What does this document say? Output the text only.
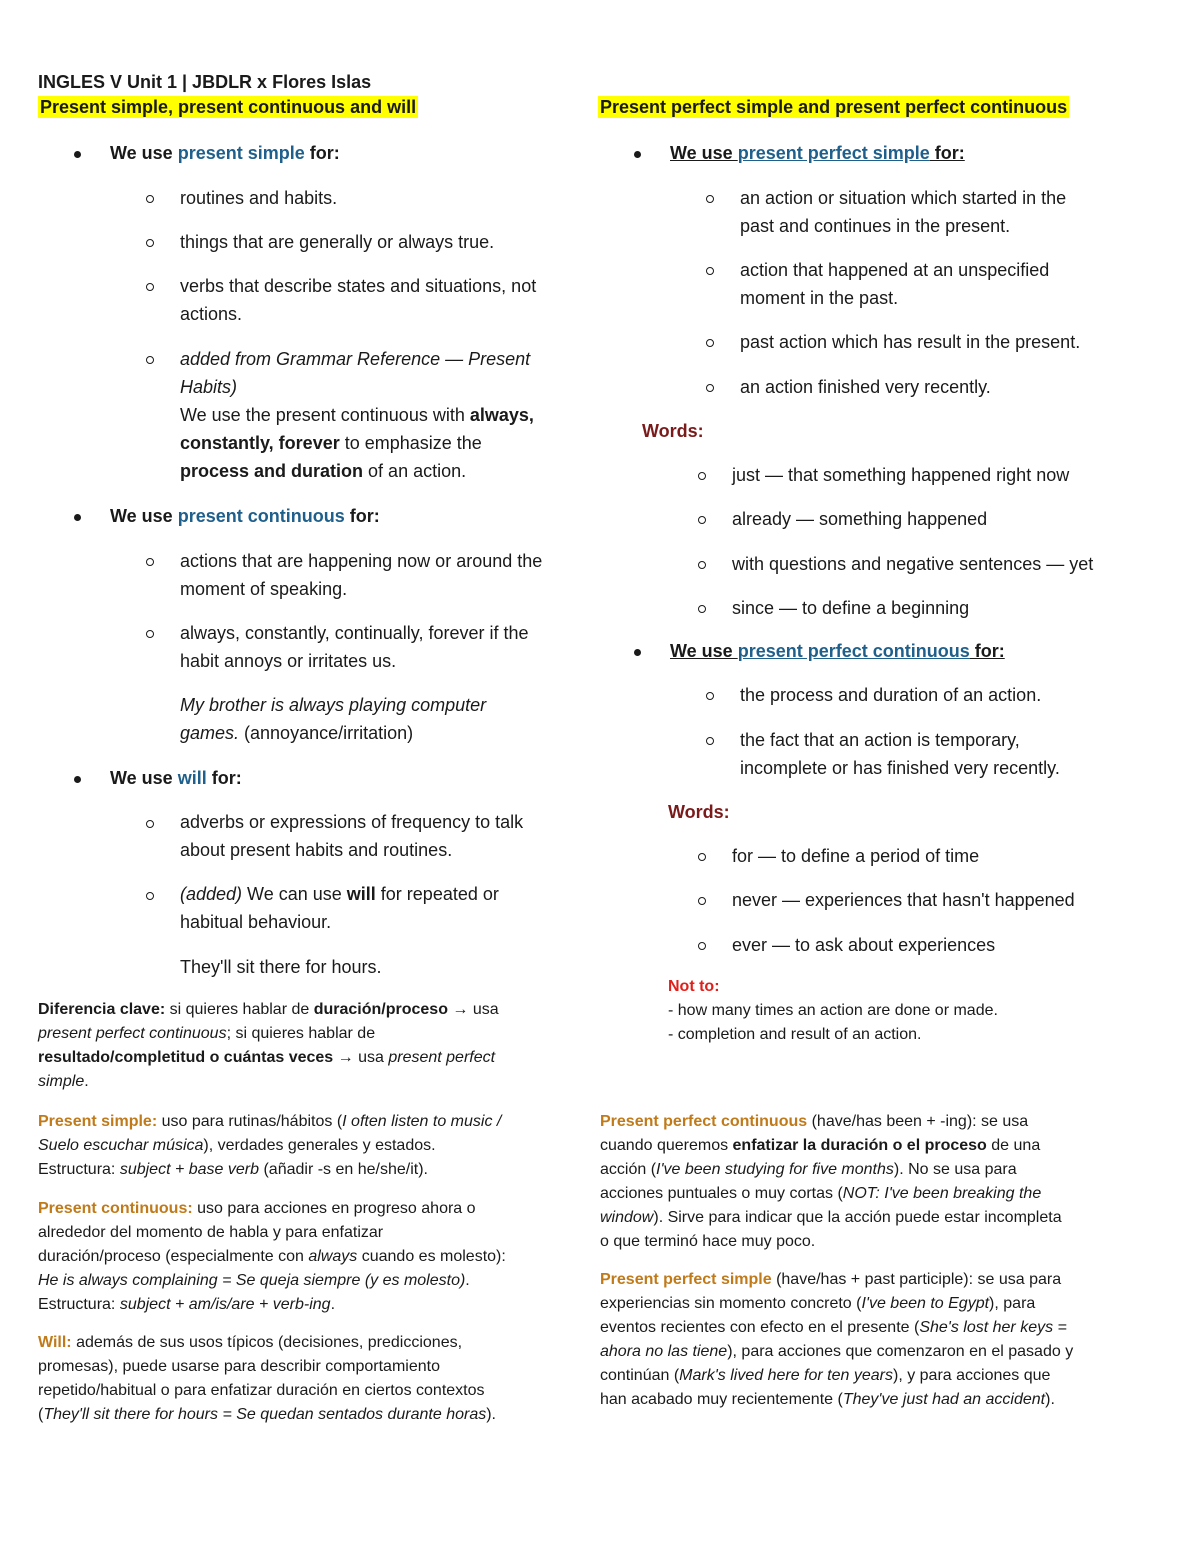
INGLES V Unit 1 | JBDLR x Flores Islas
Present simple, present continuous and will
We use present simple for:
routines and habits.
things that are generally or always true.
verbs that describe states and situations, not
actions.
added from Grammar Reference — Present
Habits)
We use the present continuous with always,
constantly, forever to emphasize the
process and duration of an action.
We use present continuous for:
actions that are happening now or around the
moment of speaking.
always, constantly, continually, forever if the
habit annoys or irritates us.
My brother is always playing computer
games. (annoyance/irritation)
We use will for:
adverbs or expressions of frequency to talk
about present habits and routines.
(added) We can use will for repeated or
habitual behaviour.
They'll sit there for hours.
Diferencia clave: si quieres hablar de duración/proceso → usa
present perfect continuous; si quieres hablar de
resultado/completitud o cuántas veces → usa present perfect
simple.
Present simple: uso para rutinas/hábitos (I often listen to music /
Suelo escuchar música), verdades generales y estados.
Estructura: subject + base verb (añadir -s en he/she/it).
Present continuous: uso para acciones en progreso ahora o
alrededor del momento de habla y para enfatizar
duración/proceso (especialmente con always cuando es molesto):
He is always complaining = Se queja siempre (y es molesto).
Estructura: subject + am/is/are + verb-ing.
Will: además de sus usos típicos (decisiones, predicciones,
promesas), puede usarse para describir comportamiento
repetido/habitual o para enfatizar duración en ciertos contextos
(They'll sit there for hours = Se quedan sentados durante horas).
Present perfect simple and present perfect continuous
We use present perfect simple for:
an action or situation which started in the
past and continues in the present.
action that happened at an unspecified
moment in the past.
past action which has result in the present.
an action finished very recently.
Words:
just — that something happened right now
already — something happened
with questions and negative sentences — yet
since — to define a beginning
We use present perfect continuous for:
the process and duration of an action.
the fact that an action is temporary,
incomplete or has finished very recently.
Words:
for — to define a period of time
never — experiences that hasn't happened
ever — to ask about experiences
Not to:
- how many times an action are done or made.
- completion and result of an action.
Present perfect continuous (have/has been + -ing): se usa
cuando queremos enfatizar la duración o el proceso de una
acción (I've been studying for five months). No se usa para
acciones puntuales o muy cortas (NOT: I've been breaking the
window). Sirve para indicar que la acción puede estar incompleta
o que terminó hace muy poco.
Present perfect simple (have/has + past participle): se usa para
experiencias sin momento concreto (I've been to Egypt), para
eventos recientes con efecto en el presente (She's lost her keys =
ahora no las tiene), para acciones que comenzaron en el pasado y
continúan (Mark's lived here for ten years), y para acciones que
han acabado muy recientemente (They've just had an accident).
